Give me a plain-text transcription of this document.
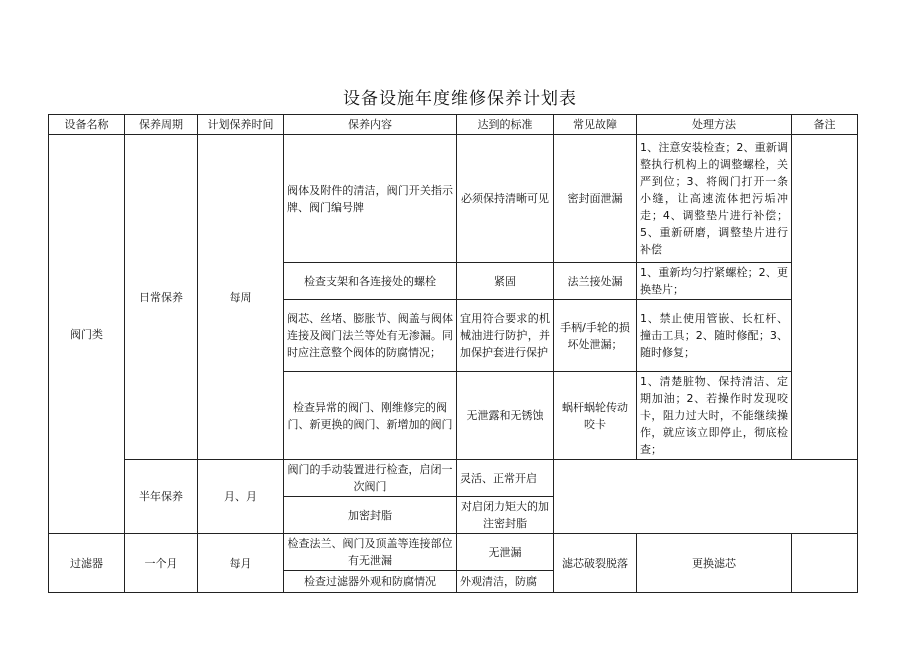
设备设施年度维修保养计划表
设备名称	保养周期	计划保养时间	保养内容	达到的标准	常见故障	处理方法	备注
阀门类	日常保养	每周	阀体及附件的清洁，阀门开关指示牌、阀门编号牌	必须保持清晰可见	密封面泄漏	1、注意安装检查；2、重新调整执行机构上的调整螺栓，关严到位；3、将阀门打开一条小缝，让高速流体把污垢冲走；4、调整垫片进行补偿；5、重新研磨，调整垫片进行补偿	
			检查支架和各连接处的螺栓	紧固	法兰接处漏	1、重新均匀拧紧螺栓；2、更换垫片；	
			阀芯、丝堵、膨胀节、阀盖与阀体连接及阀门法兰等处有无渗漏。同时应注意整个阀体的防腐情况；	宜用符合要求的机械油进行防护，并加保护套进行保护	手柄/手轮的损坏处泄漏；	1、禁止使用管嵌、长杠杆、撞击工具；2、随时修配；3、随时修复；	
			检查异常的阀门、刚维修完的阀门、新更换的阀门、新增加的阀门	无泄露和无锈蚀	蜗杆蜗轮传动咬卡	1、清楚脏物、保持清洁、定期加油；2、若操作时发现咬卡，阻力过大时，不能继续操作，就应该立即停止，彻底检查；	
	半年保养	月、月	阀门的手动装置进行检查，启闭一次阀门	灵活、正常开启			
			加密封脂	对启闭力矩大的加注密封脂			
过滤器	一个月	每月	检查法兰、阀门及顶盖等连接部位有无泄漏	无泄漏	滤芯破裂脱落	更换滤芯	
			检查过滤器外观和防腐情况	外观清洁，防腐			
